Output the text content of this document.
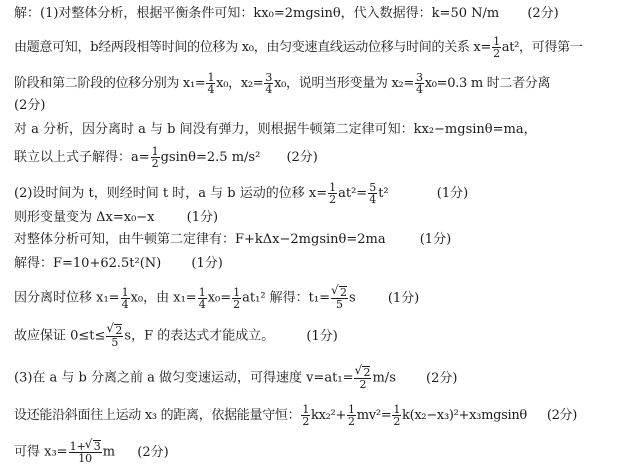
解：(1)对整体分析，根据平衡条件可知：kx₀=2mgsinθ，代入数据得：k=50 N/m (2分)
由题意可知，b经两段相等时间的位移为 x₀，由匀变速直线运动位移与时间的关系 $x= \frac{1}{2} at^2$，可得第一
阶段和第二阶段的位移分别为 $x_1= \frac{1}{4} x_0$，$x_2= \frac{3}{4} x_0$，说明当形变量为 $x_2= \frac{3}{4} x_0=0.3$ m 时二者分离
(2分)
对 a 分析，因分离时 a 与 b 间没有弹力，则根据牛顿第二定律可知：kx₂−mgsinθ=ma，
联立以上式子解得：$a= \frac{1}{2} gsin\theta=2.5$ m/s² (2分)
(2)设时间为 t，则经时间 t 时，a 与 b 运动的位移 $x= \frac{1}{2} at^2= \frac{5}{4} t^2$	(1分)
则形变量变为 Δx=x₀−x (1分)
对整体分析可知，由牛顿第二定律有：F+kΔx−2mgsinθ=2ma	(1分)
解得：F=10+62.5t²(N) (1分)
因分离时位移 $x_1= \frac{1}{4} x_0$，由 $x_1= \frac{1}{4} x_0= \frac{1}{2} at_1^2$ 解得：t₁= √ $\frac{2}{5}$ s (1分)
故应保证 0≤t≤ √ $\frac{2}{5}$ s，F 的表达式才能成立。 (1分)
(3)在 a 与 b 分离之前 a 做匀变速运动，可得速度 v=at₁= √ $\frac{2}{2} m/s$ (2分)
设还能沿斜面往上运动 x₃ 的距离，依据能量守恒： $\frac{1}{2} kx_2^2+ \frac{1}{2} mv^2= \frac{1}{2} k(x_2-x_3)^2+x_3mgsin\theta$ (2分)
可得 $x_3= \frac{1+ √ 3}{10}$ m (2分)
